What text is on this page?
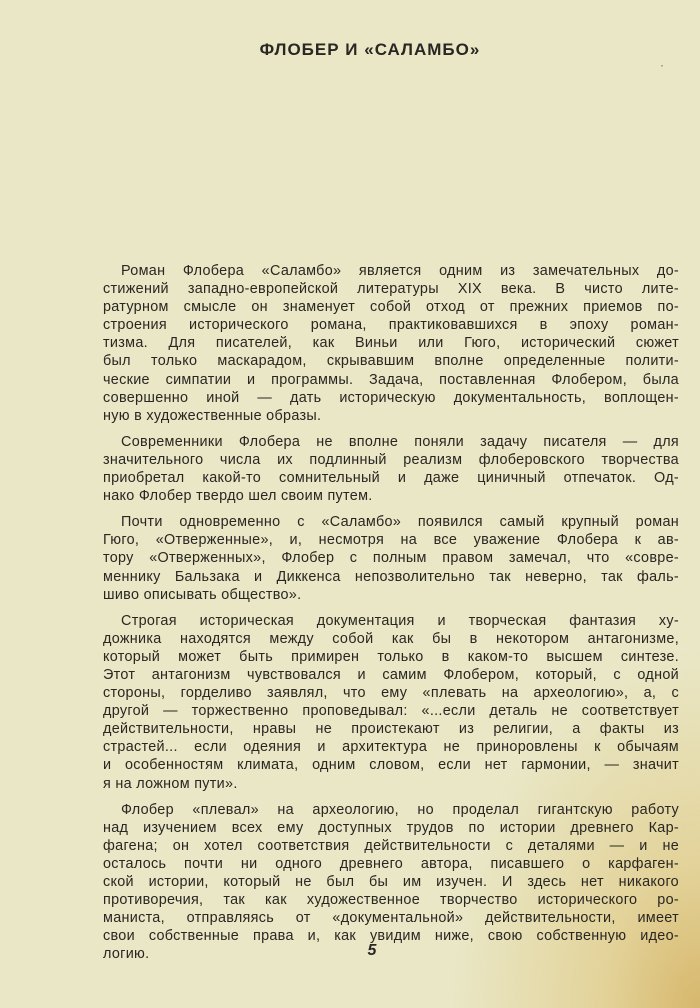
ФЛОБЕР И «САЛАМБО»
·
Роман Флобера «Саламбо» является одним из замечательных до-
стижений западно-европейской литературы XIX века. В чисто лите-
ратурном смысле он знаменует собой отход от прежних приемов по-
строения исторического романа, практиковавшихся в эпоху роман-
тизма. Для писателей, как Виньи или Гюго, исторический сюжет
был только маскарадом, скрывавшим вполне определенные полити-
ческие симпатии и программы. Задача, поставленная Флобером, была
совершенно иной — дать историческую документальность, воплощен-
ную в художественные образы.
Современники Флобера не вполне поняли задачу писателя — для
значительного числа их подлинный реализм флоберовского творчества
приобретал какой-то сомнительный и даже циничный отпечаток. Од-
нако Флобер твердо шел своим путем.
Почти одновременно с «Саламбо» появился самый крупный роман
Гюго, «Отверженные», и, несмотря на все уважение Флобера к ав-
тору «Отверженных», Флобер с полным правом замечал, что «совре-
меннику Бальзака и Диккенса непозволительно так неверно, так фаль-
шиво описывать общество».
Строгая историческая документация и творческая фантазия ху-
дожника находятся между собой как бы в некотором антагонизме,
который может быть примирен только в каком-то высшем синтезе.
Этот антагонизм чувствовался и самим Флобером, который, с одной
стороны, горделиво заявлял, что ему «плевать на археологию», а, с
другой — торжественно проповедывал: «...если деталь не соответствует
действительности, нравы не проистекают из религии, а факты из
страстей... если одеяния и архитектура не приноровлены к обычаям
и особенностям климата, одним словом, если нет гармонии, — значит
я на ложном пути».
Флобер «плевал» на археологию, но проделал гигантскую работу
над изучением всех ему доступных трудов по истории древнего Кар-
фагена; он хотел соответствия действительности с деталями — и не
осталось почти ни одного древнего автора, писавшего о карфаген-
ской истории, который не был бы им изучен. И здесь нет никакого
противоречия, так как художественное творчество исторического ро-
маниста, отправляясь от «документальной» действительности, имеет
свои собственные права и, как увидим ниже, свою собственную идео-
логию.	5
